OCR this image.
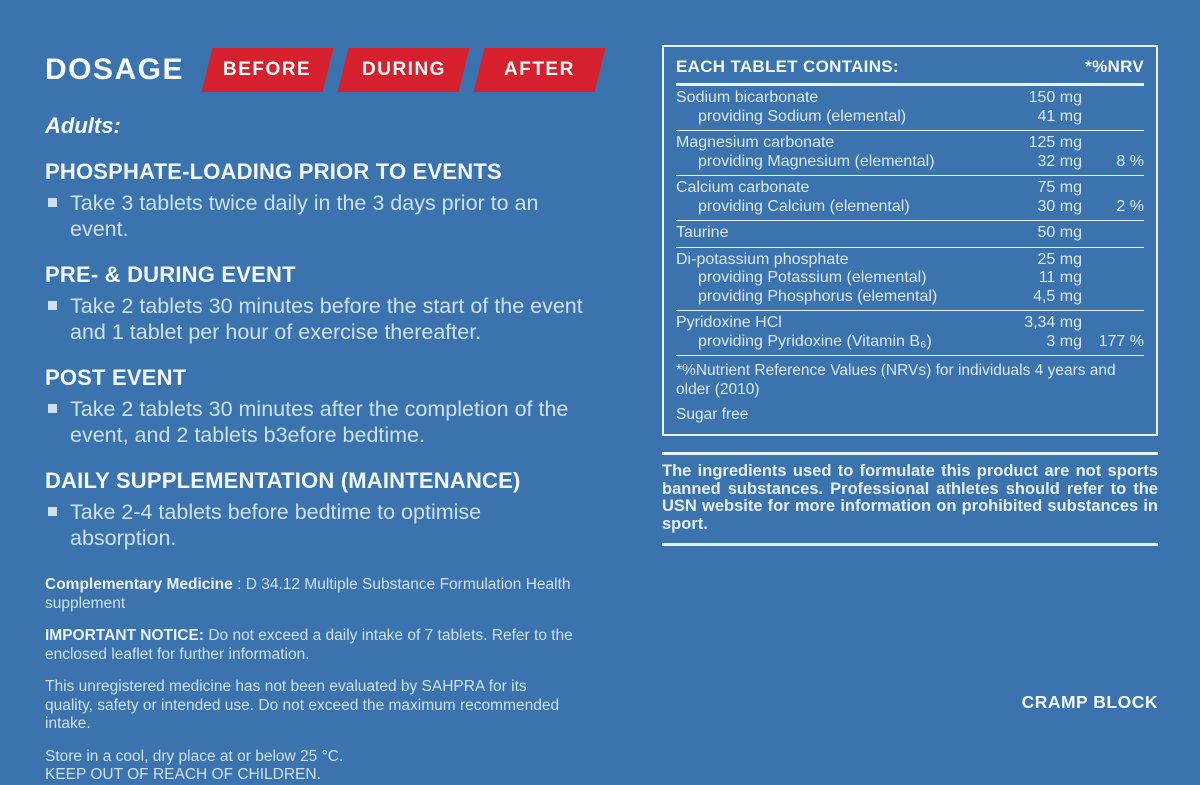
DOSAGE BEFORE	DURING	AFTER
Adults:
PHOSPHATE-LOADING PRIOR TO EVENTS
Take 3 tablets twice daily in the 3 days prior to an event.
PRE- & DURING EVENT
Take 2 tablets 30 minutes before the start of the event and 1 tablet per hour of exercise thereafter.
POST EVENT
Take 2 tablets 30 minutes after the completion of the event, and 2 tablets b3efore bedtime.
DAILY SUPPLEMENTATION (MAINTENANCE)
Take 2-4 tablets before bedtime to optimise absorption.
Complementary Medicine : D 34.12 Multiple Substance Formulation Health supplement
IMPORTANT NOTICE: Do not exceed a daily intake of 7 tablets. Refer to the enclosed leaflet for further information.
This unregistered medicine has not been evaluated by SAHPRA for its quality, safety or intended use. Do not exceed the maximum recommended intake.
Store in a cool, dry place at or below 25 °C.
KEEP OUT OF REACH OF CHILDREN.
EACH TABLET CONTAINS:	*%NRV
Sodium bicarbonate	150 mg
providing Sodium (elemental)	41 mg
Magnesium carbonate	125 mg
providing Magnesium (elemental)	32 mg	8 %
Calcium carbonate	75 mg
providing Calcium (elemental)	30 mg	2 %
Taurine	50 mg
Di-potassium phosphate	25 mg
providing Potassium (elemental)	11 mg
providing Phosphorus (elemental)	4,5 mg
Pyridoxine HCl	3,34 mg
providing Pyridoxine (Vitamin B₆)	3 mg	177 %
*%Nutrient Reference Values (NRVs) for individuals 4 years and older (2010)
Sugar free

The ingredients used to formulate this product are not sports banned substances. Professional athletes should refer to the USN website for more information on prohibited substances in sport.

CRAMP BLOCK
